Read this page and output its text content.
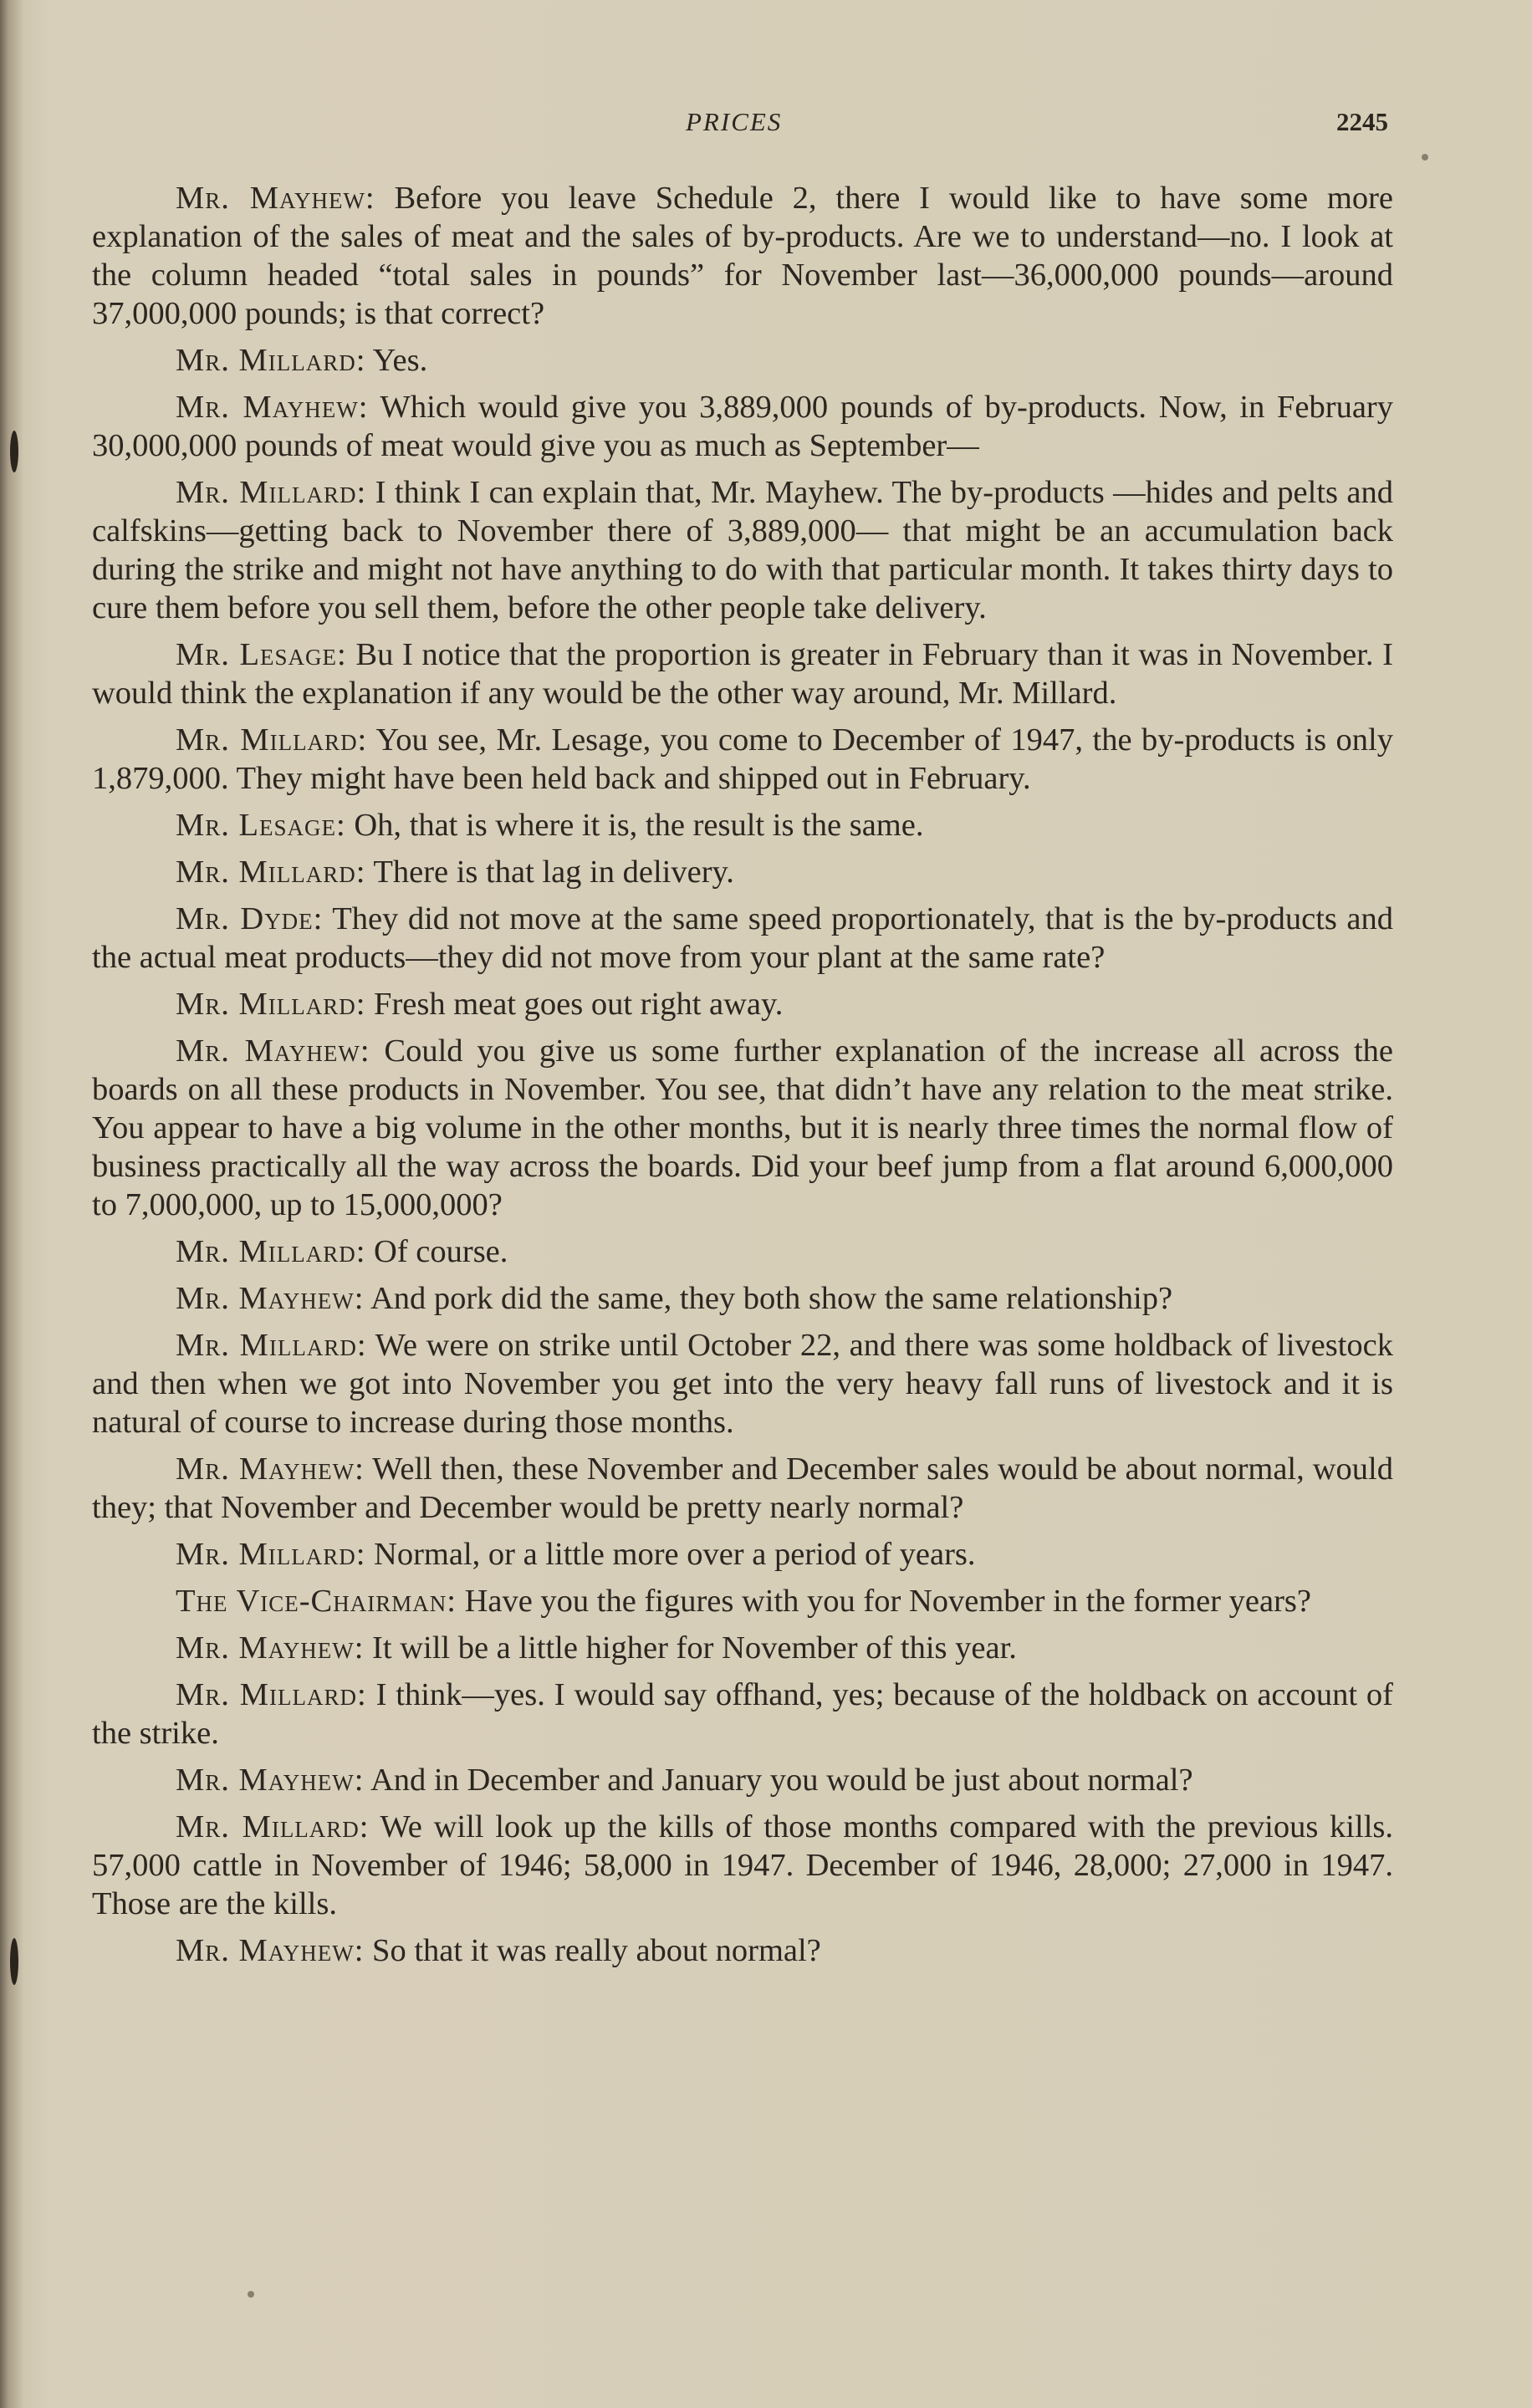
PRICES	2245

Mr. Mayhew: Before you leave Schedule 2, there I would like to have some more explanation of the sales of meat and the sales of by-products. Are we to understand—no. I look at the column headed “total sales in pounds” for November last—36,000,000 pounds—around 37,000,000 pounds; is that correct?

Mr. Millard: Yes.

Mr. Mayhew: Which would give you 3,889,000 pounds of by-products. Now, in February 30,000,000 pounds of meat would give you as much as September—

Mr. Millard: I think I can explain that, Mr. Mayhew. The by-products —hides and pelts and calfskins—getting back to November there of 3,889,000— that might be an accumulation back during the strike and might not have anything to do with that particular month. It takes thirty days to cure them before you sell them, before the other people take delivery.

Mr. Lesage: Bu I notice that the proportion is greater in February than it was in November. I would think the explanation if any would be the other way around, Mr. Millard.

Mr. Millard: You see, Mr. Lesage, you come to December of 1947, the by-products is only 1,879,000. They might have been held back and shipped out in February.

Mr. Lesage: Oh, that is where it is, the result is the same.

Mr. Millard: There is that lag in delivery.

Mr. Dyde: They did not move at the same speed proportionately, that is the by-products and the actual meat products—they did not move from your plant at the same rate?

Mr. Millard: Fresh meat goes out right away.

Mr. Mayhew: Could you give us some further explanation of the increase all across the boards on all these products in November. You see, that didn’t have any relation to the meat strike. You appear to have a big volume in the other months, but it is nearly three times the normal flow of business practically all the way across the boards. Did your beef jump from a flat around 6,000,000 to 7,000,000, up to 15,000,000?

Mr. Millard: Of course.

Mr. Mayhew: And pork did the same, they both show the same relationship?

Mr. Millard: We were on strike until October 22, and there was some holdback of livestock and then when we got into November you get into the very heavy fall runs of livestock and it is natural of course to increase during those months.

Mr. Mayhew: Well then, these November and December sales would be about normal, would they; that November and December would be pretty nearly normal?

Mr. Millard: Normal, or a little more over a period of years.

The Vice-Chairman: Have you the figures with you for November in the former years?

Mr. Mayhew: It will be a little higher for November of this year.

Mr. Millard: I think—yes. I would say offhand, yes; because of the holdback on account of the strike.

Mr. Mayhew: And in December and January you would be just about normal?

Mr. Millard: We will look up the kills of those months compared with the previous kills. 57,000 cattle in November of 1946; 58,000 in 1947. December of 1946, 28,000; 27,000 in 1947. Those are the kills.

Mr. Mayhew: So that it was really about normal?
